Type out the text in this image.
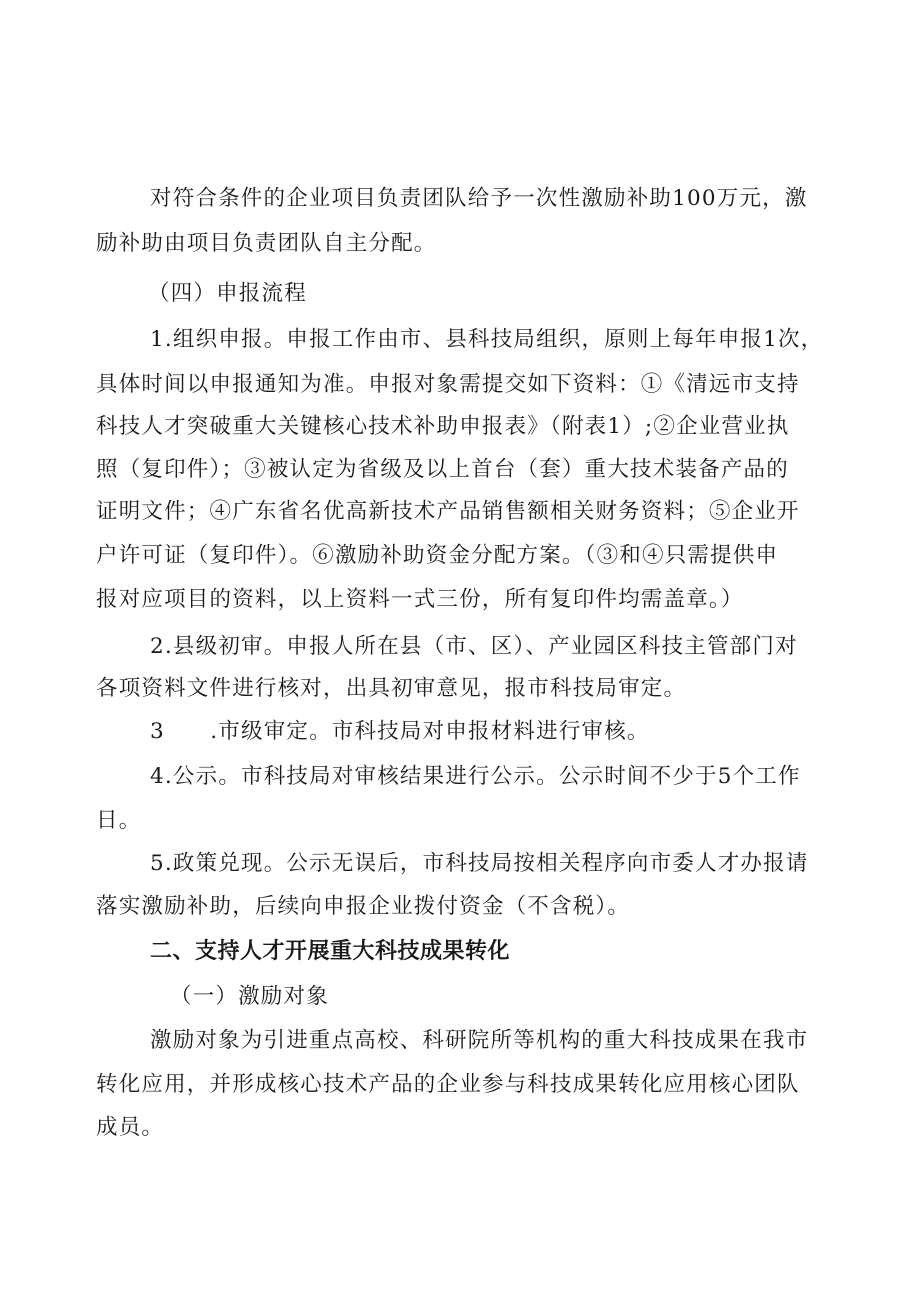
对符合条件的企业项目负责团队给予一次性激励补助100万元，激
励补助由项目负责团队自主分配。
（四）申报流程
1.组织申报。申报工作由市、县科技局组织，原则上每年申报1次，
具体时间以申报通知为准。申报对象需提交如下资料：①《清远市支持
科技人才突破重大关键核心技术补助申报表》（附表1）;②企业营业执
照（复印件）；③被认定为省级及以上首台（套）重大技术装备产品的
证明文件；④广东省名优高新技术产品销售额相关财务资料；⑤企业开
户许可证（复印件）。⑥激励补助资金分配方案。（③和④只需提供申
报对应项目的资料，以上资料一式三份，所有复印件均需盖章。）
2.县级初审。申报人所在县（市、区）、产业园区科技主管部门对
各项资料文件进行核对，出具初审意见，报市科技局审定。
3　　.市级审定。市科技局对申报材料进行审核。
4.公示。市科技局对审核结果进行公示。公示时间不少于5个工作
日。
5.政策兑现。公示无误后，市科技局按相关程序向市委人才办报请
落实激励补助，后续向申报企业拨付资金（不含税）。
二、支持人才开展重大科技成果转化
（一）激励对象
激励对象为引进重点高校、科研院所等机构的重大科技成果在我市
转化应用，并形成核心技术产品的企业参与科技成果转化应用核心团队
成员。
